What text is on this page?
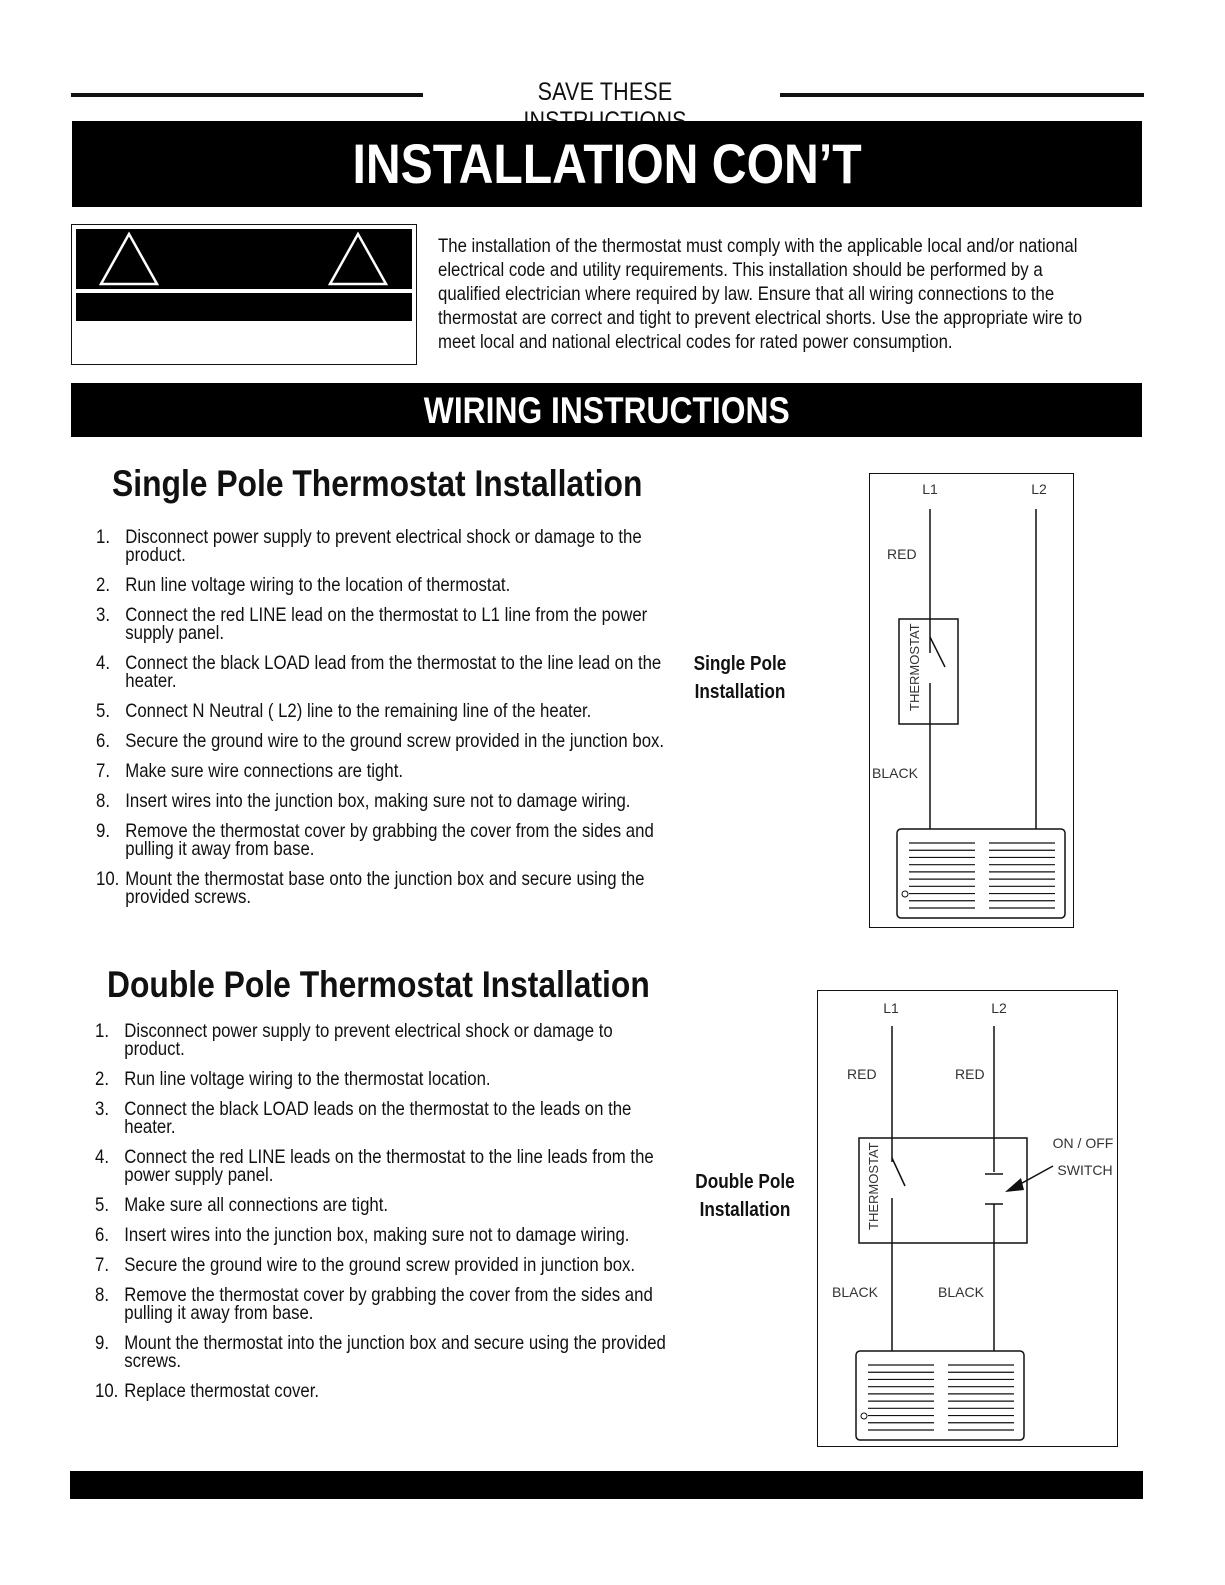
SAVE THESE
INSTALLATION CON’T
The installation of the thermostat must comply with the applicable local and/or national electrical code and utility requirements. This installation should be performed by a qualified electrician where required by law. Ensure that all wiring connections to the thermostat are correct and tight to prevent electrical shorts. Use the appropriate wire to meet local and national electrical codes for rated power consumption.
WIRING INSTRUCTIONS
Single Pole Thermostat Installation
1. Disconnect power supply to prevent electrical shock or damage to the product.
2. Run line voltage wiring to the location of thermostat.
3. Connect the red LINE lead on the thermostat to L1 line from the power supply panel.
4. Connect the black LOAD lead from the thermostat to the line lead on the heater.
5. Connect N Neutral ( L2) line to the remaining line of the heater.
6. Secure the ground wire to the ground screw provided in the junction box.
7. Make sure wire connections are tight.
8. Insert wires into the junction box, making sure not to damage wiring.
9. Remove the thermostat cover by grabbing the cover from the sides and pulling it away from base.
10. Mount the thermostat base onto the junction box and secure using the provided screws.
Single Pole
Installation
L1	L2
RED
THERMOSTAT
BLACK
Double Pole Thermostat Installation
1. Disconnect power supply to prevent electrical shock or damage to product.
2. Run line voltage wiring to the thermostat location.
3. Connect the black LOAD leads on the thermostat to the leads on the heater.
4. Connect the red LINE leads on the thermostat to the line leads from the power supply panel.
5. Make sure all connections are tight.
6. Insert wires into the junction box, making sure not to damage wiring.
7. Secure the ground wire to the ground screw provided in junction box.
8. Remove the thermostat cover by grabbing the cover from the sides and pulling it away from base.
9. Mount the thermostat into the junction box and secure using the provided screws.
10. Replace thermostat cover.
Double Pole
Installation
L1	L2
RED	RED
THERMOSTAT	ON / OFF
SWITCH
BLACK	BLACK
